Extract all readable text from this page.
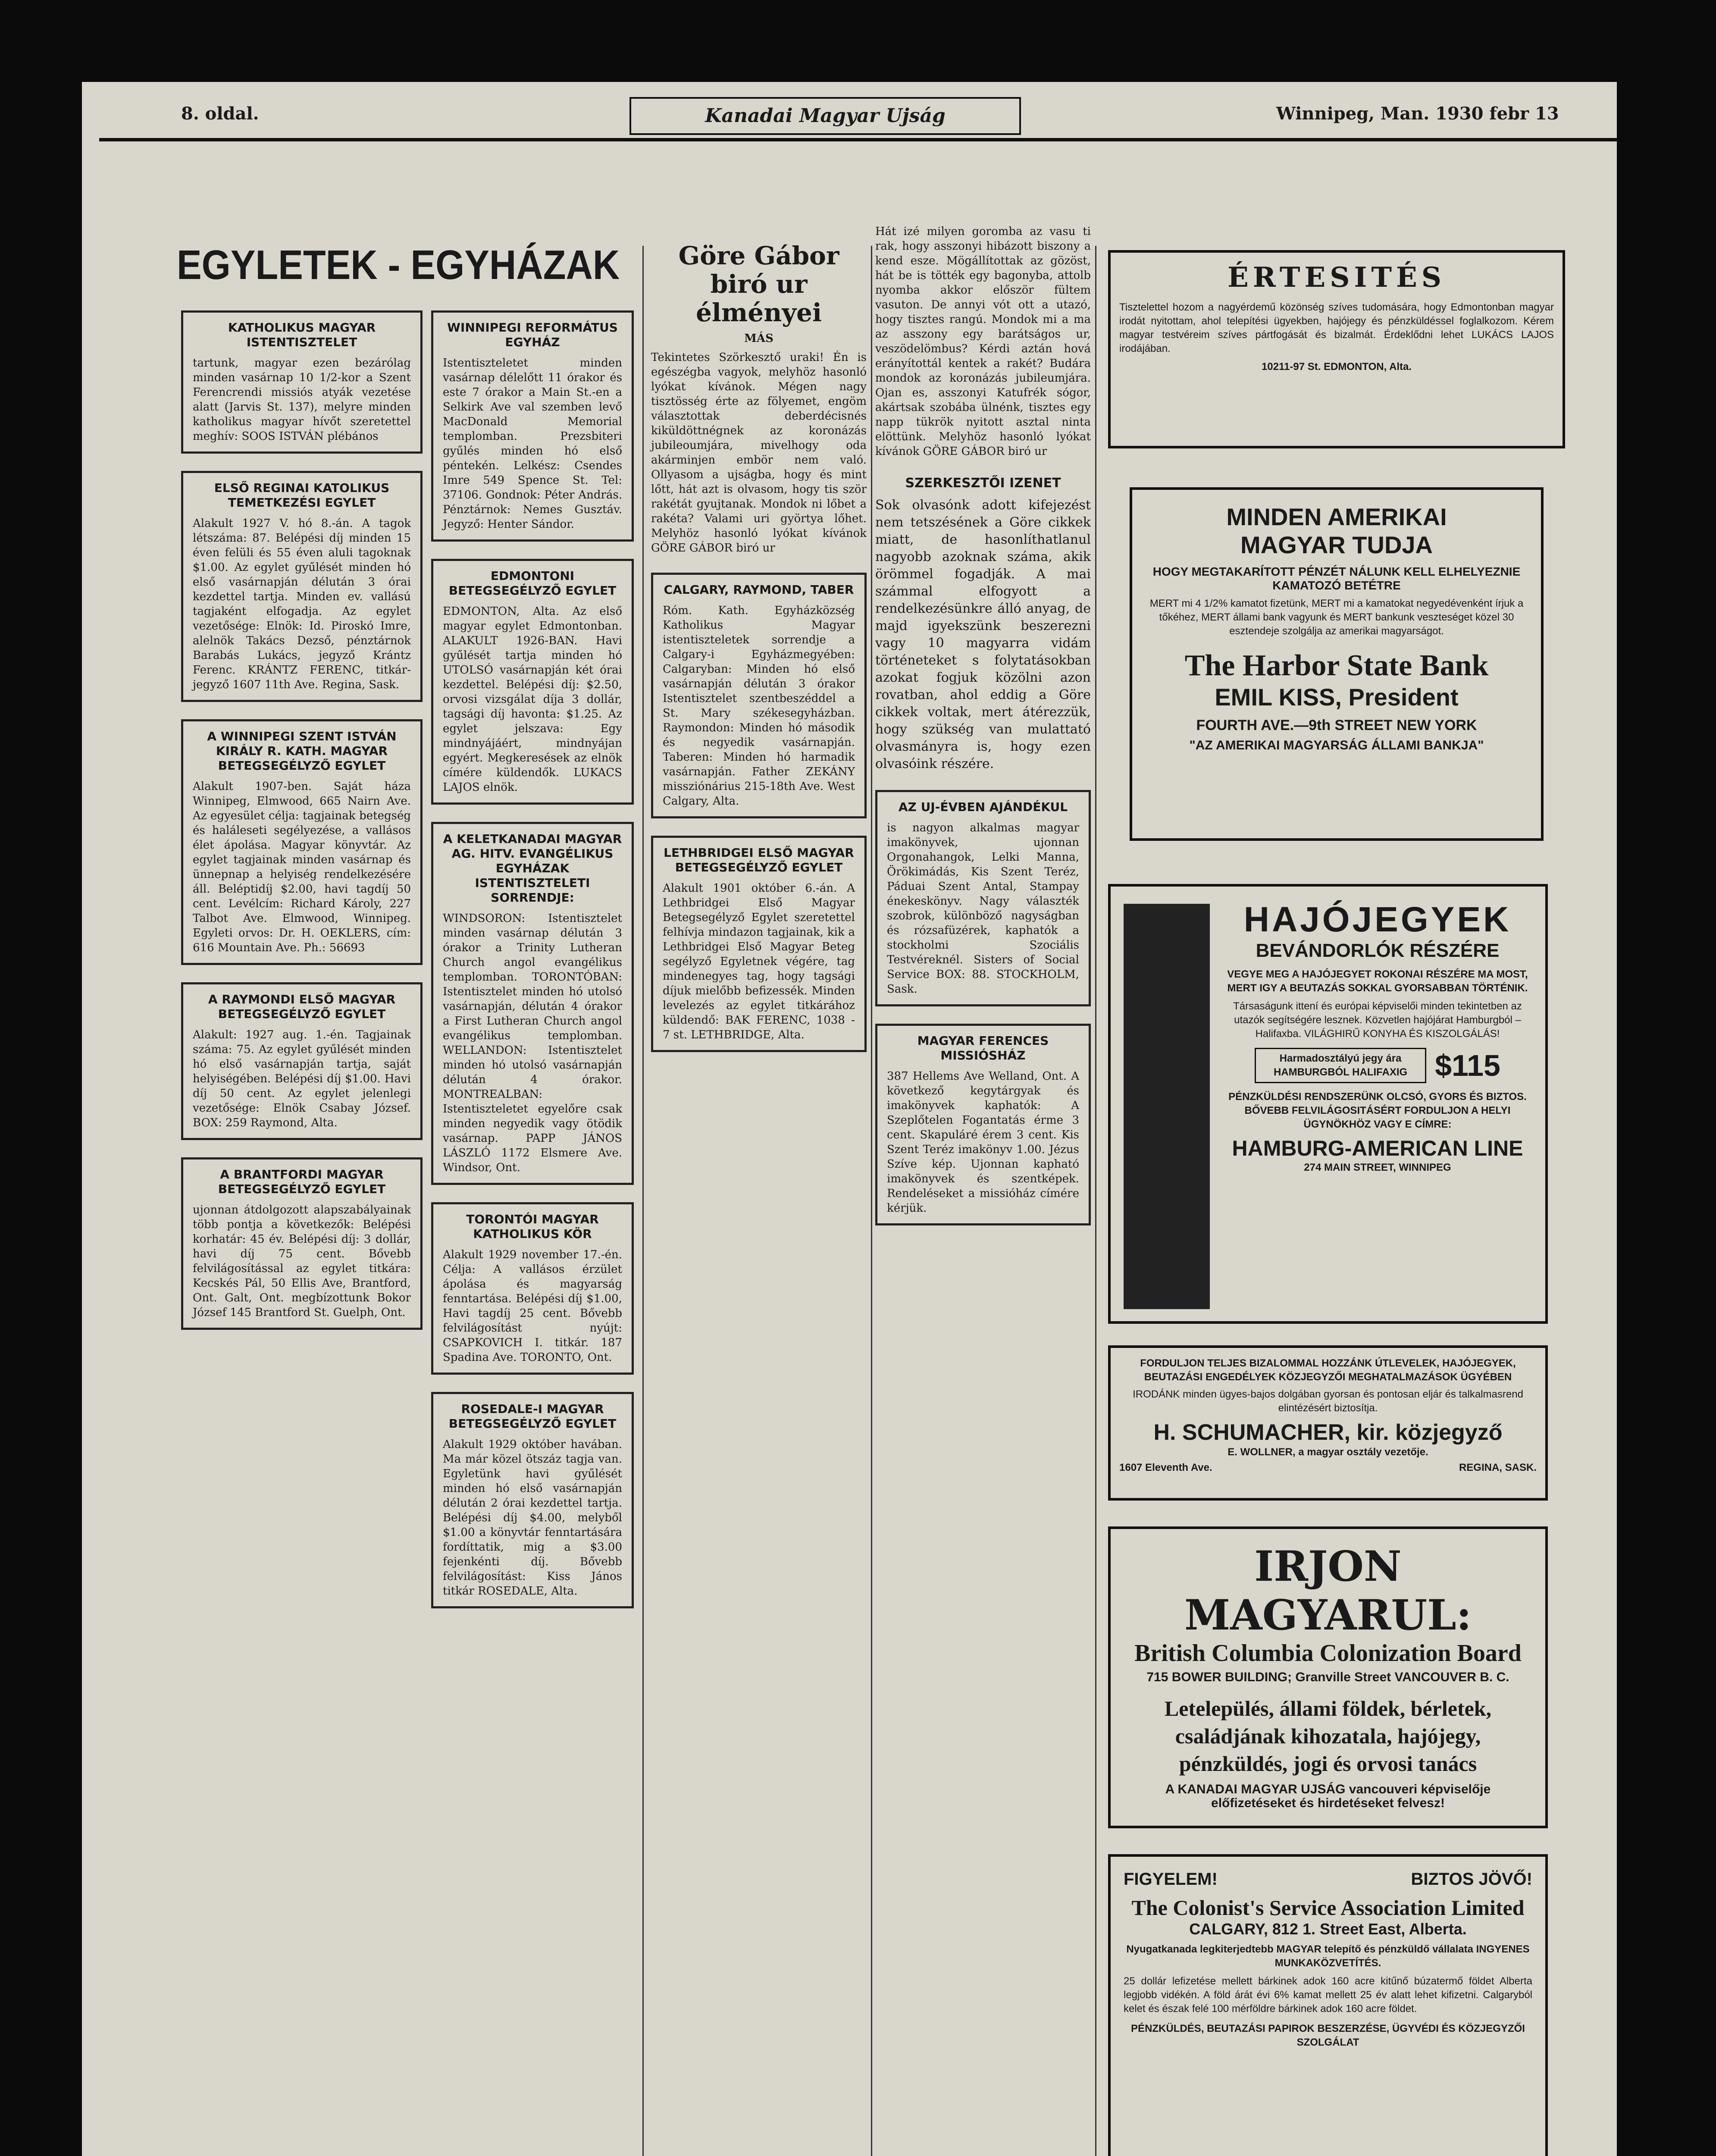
8. oldal.	Kanadai Magyar Ujság	Winnipeg, Man. 1930 febr 13
EGYLETEK - EGYHÁZAK
KATHOLIKUS MAGYAR ISTENTISZTELET

tartunk, magyar ezen bezárólag minden vasárnap 10 1/2-kor a Szent Ferencrendi missiós atyák vezetése alatt (Jarvis St. 137), melyre minden katholikus magyar hívőt szeretettel meghív: SOOS ISTVÁN plébános

ELSŐ REGINAI KATOLIKUS TEMETKEZÉSI EGYLET

Alakult 1927 V. hó 8.-án. A tagok létszáma: 87. Belépési díj minden 15 éven felüli és 55 éven aluli tagoknak $1.00. Az egylet gyűlését minden hó első vasárnapján délután 3 órai kezdettel tartja. Minden ev. vallású tagjaként elfogadja. Az egylet vezetősége: Elnök: Id. Piroskó Imre, alelnök Takács Dezső, pénztárnok Barabás Lukács, jegyző Krántz Ferenc. KRÁNTZ FERENC, titkár-jegyző 1607 11th Ave. Regina, Sask.

A WINNIPEGI SZENT ISTVÁN KIRÁLY R. KATH. MAGYAR BETEGSEGÉLYZŐ EGYLET

Alakult 1907-ben. Saját háza Winnipeg, Elmwood, 665 Nairn Ave. Az egyesület célja: tagjainak betegség és haláleseti segélyezése, a vallásos élet ápolása. Magyar könyvtár. Az egylet tagjainak minden vasárnap és ünnepnap a helyiség rendelkezésére áll. Beléptidíj $2.00, havi tagdíj 50 cent. Levélcím: Richard Károly, 227 Talbot Ave. Elmwood, Winnipeg. Egyleti orvos: Dr. H. OEKLERS, cím: 616 Mountain Ave. Ph.: 56693

A RAYMONDI ELSŐ MAGYAR BETEGSEGÉLYZŐ EGYLET

Alakult: 1927 aug. 1.-én. Tagjainak száma: 75. Az egylet gyűlését minden hó első vasárnapján tartja, saját helyiségében. Belépési díj $1.00. Havi díj 50 cent. Az egylet jelenlegi vezetősége: Elnök Csabay József. BOX: 259 Raymond, Alta.

A BRANTFORDI MAGYAR BETEGSEGÉLYZŐ EGYLET

ujonnan átdolgozott alapszabályainak több pontja a következők: Belépési korhatár: 45 év. Belépési díj: 3 dollár, havi díj 75 cent. Bővebb felvilágosítással az egylet titkára: Kecskés Pál, 50 Ellis Ave, Brantford, Ont. Galt, Ont. megbízottunk Bokor József 145 Brantford St. Guelph, Ont.

WINNIPEGI REFORMÁTUS EGYHÁZ

Istentiszteletet minden vasárnap délelőtt 11 órakor és este 7 órakor a Main St.-en a Selkirk Ave val szemben levő MacDonald Memorial templomban. Prezsbiteri gyűlés minden hó első péntekén. Lelkész: Csendes Imre 549 Spence St. Tel: 37106. Gondnok: Péter András. Pénztárnok: Nemes Gusztáv. Jegyző: Henter Sándor.

EDMONTONI BETEGSEGÉLYZŐ EGYLET

EDMONTON, Alta. Az első magyar egylet Edmontonban. ALAKULT 1926-BAN. Havi gyűlését tartja minden hó UTOLSÓ vasárnapján két órai kezdettel. Belépési díj: $2.50, orvosi vizsgálat díja 3 dollár, tagsági díj havonta: $1.25. Az egylet jelszava: Egy mindnyájáért, mindnyájan egyért. Megkeresések az elnök címére küldendők. LUKACS LAJOS elnök.

A KELETKANADAI MAGYAR AG. HITV. EVANGÉLIKUS EGYHÁZAK ISTENTISZTELETI SORRENDJE:

WINDSORON: Istentisztelet minden vasárnap délután 3 órakor a Trinity Lutheran Church angol evangélikus templomban. TORONTÓBAN: Istentisztelet minden hó utolsó vasárnapján, délután 4 órakor a First Lutheran Church angol evangélikus templomban. WELLANDON: Istentisztelet minden hó utolsó vasárnapján délután 4 órakor. MONTREALBAN: Istentiszteletet egyelőre csak minden negyedik vagy ötödik vasárnap. PAPP JÁNOS LÁSZLÓ 1172 Elsmere Ave. Windsor, Ont.

TORONTÓI MAGYAR KATHOLIKUS KÖR

Alakult 1929 november 17.-én. Célja: A vallásos érzület ápolása és magyarság fenntartása. Belépési díj $1.00, Havi tagdíj 25 cent. Bővebb felvilágosítást nyújt: CSAPKOVICH I. titkár. 187 Spadina Ave. TORONTO, Ont.

ROSEDALE-I MAGYAR BETEGSEGÉLYZŐ EGYLET

Alakult 1929 október havában. Ma már közel ötszáz tagja van. Egyletünk havi gyűlését minden hó első vasárnapján délután 2 órai kezdettel tartja. Belépési díj $4.00, melyből $1.00 a könyvtár fenntartására fordíttatik, mig a $3.00 fejenkénti díj. Bővebb felvilágosítást: Kiss János titkár ROSEDALE, Alta.

Göre Gábor biró ur élményei
MÁS

Tekintetes Szörkesztő uraki! Én is egészégba vagyok, melyhöz hasonló lyókat kívánok. Mégen nagy tisztösség érte az fölyemet, engöm választottak deberdécisnés kiküldöttnégnek az koronázás jubileoumjára, mivelhogy oda akárminjen embör nem való. Ollyasom a ujságba, hogy és mint lőtt, hát azt is olvasom, hogy tis ször rakétát gyujtanak. Mondok ni lőbet a rakéta? Valami uri györtya lőhet. Melyhöz hasonló lyókat kívánok GÖRE GÁBOR biró ur

CALGARY, RAYMOND, TABER

Róm. Kath. Egyházközség Katholikus Magyar istentiszteletek sorrendje a Calgary-i Egyházmegyében: Calgaryban: Minden hó első vasárnapján délután 3 órakor Istentisztelet szentbeszéddel a St. Mary székesegyházban. Raymondon: Minden hó második és negyedik vasárnapján. Taberen: Minden hó harmadik vasárnapján. Father ZEKÁNY missziónárius 215-18th Ave. West Calgary, Alta.

LETHBRIDGEI ELSŐ MAGYAR BETEGSEGÉLYZŐ EGYLET

Alakult 1901 október 6.-án. A Lethbridgei Első Magyar Betegsegélyző Egylet szeretettel felhívja mindazon tagjainak, kik a Lethbridgei Első Magyar Beteg segélyző Egyletnek végére, tag mindenegyes tag, hogy tagsági díjuk mielőbb befizessék. Minden levelezés az egylet titkárához küldendő: BAK FERENC, 1038 - 7 st. LETHBRIDGE, Alta.

Hát izé milyen goromba az vasu ti rak, hogy asszonyi hibázott biszony a kend esze. Mögállítottak az gözöst, hát be is tötték egy bagonyba, attolb nyomba akkor először fültem vasuton. De annyi vót ott a utazó, hogy tisztes rangú. Mondok mi a ma az asszony egy barátságos ur, veszödelömbus? Kérdi aztán hová erányítottál kentek a rakét? Budára mondok az koronázás jubileumjára. Ojan es, asszonyi Katufrék sógor, akártsak szobába ülnénk, tisztes egy napp tükrök nyitott asztal ninta elöttünk. Melyhöz hasonló lyókat kívánok GÖRE GÁBOR biró ur

SZERKESZTŐI IZENET

Sok olvasónk adott kifejezést nem tetszésének a Göre cikkek miatt, de hasonlíthatlanul nagyobb azoknak száma, akik örömmel fogadják. A mai számmal elfogyott a rendelkezésünkre álló anyag, de majd igyekszünk beszerezni vagy 10 magyarra vidám történeteket s folytatásokban azokat fogjuk közölni azon rovatban, ahol eddig a Göre cikkek voltak, mert átérezzük, hogy szükség van mulattató olvasmányra is, hogy ezen olvasóink részére.

AZ UJ-ÉVBEN AJÁNDÉKUL

is nagyon alkalmas magyar imakönyvek, ujonnan Orgonahangok, Lelki Manna, Örökimádás, Kis Szent Teréz, Páduai Szent Antal, Stampay énekeskönyv. Nagy választék szobrok, különböző nagyságban és rózsafüzérek, kaphatók a stockholmi Szociális Testvéreknél. Sisters of Social Service BOX: 88. STOCKHOLM, Sask.

MAGYAR FERENCES MISSIÓSHÁZ

387 Hellems Ave Welland, Ont. A következő kegytárgyak és imakönyvek kaphatók: A Szeplőtelen Fogantatás érme 3 cent. Skapuláré érem 3 cent. Kis Szent Teréz imakönyv 1.00. Jézus Szíve kép. Ujonnan kapható imakönyvek és szentképek. Rendeléseket a missióház címére kérjük.

ÉRTESITÉS
Tisztelettel hozom a nagyérdemű közönség szíves tudomására, hogy Edmontonban magyar irodát nyitottam, ahol telepítési ügyekben, hajójegy és pénzküldéssel foglalkozom. Kérem magyar testvéreim szíves pártfogását és bizalmát. Érdeklődni lehet LUKÁCS LAJOS irodájában.
10211-97 St. EDMONTON, Alta.
MINDEN AMERIKAI
MAGYAR TUDJA
HOGY MEGTAKARÍTOTT PÉNZÉT NÁLUNK KELL ELHELYEZNIE KAMATOZÓ BETÉTRE
MERT mi 4 1/2% kamatot fizetünk, MERT mi a kamatokat negyedévenként írjuk a tőkéhez, MERT állami bank vagyunk és MERT bankunk veszteséget közel 30 esztendeje szolgálja az amerikai magyarságot.
The Harbor State Bank
EMIL KISS, President
FOURTH AVE.—9th STREET NEW YORK
"AZ AMERIKAI MAGYARSÁG ÁLLAMI BANKJA"
HAJÓJEGYEK
BEVÁNDORLÓK RÉSZÉRE
VEGYE MEG A HAJÓJEGYET ROKONAI RÉSZÉRE MA MOST, MERT IGY A BEUTAZÁS SOKKAL GYORSABBAN TÖRTÉNIK.
Társaságunk ittení és európai képviselői minden tekintetben az utazók segítségére lesznek. Közvetlen hajójárat Hamburgból – Halifaxba. VILÁGHIRŰ KONYHA ÉS KISZOLGÁLÁS!
Harmadosztályú jegy ára HAMBURGBÓL HALIFAXIG $115
PÉNZKÜLDÉSI RENDSZERÜNK OLCSÓ, GYORS ÉS BIZTOS. BŐVEBB FELVILÁGOSITÁSÉRT FORDULJON A HELYI ÜGYNÖKHÖZ VAGY E CÍMRE:
HAMBURG-AMERICAN LINE
274 MAIN STREET, WINNIPEG
FORDULJON TELJES BIZALOMMAL HOZZÁNK ÚTLEVELEK, HAJÓJEGYEK, BEUTAZÁSI ENGEDÉLYEK KÖZJEGYZŐI MEGHATALMAZÁSOK ÜGYÉBEN
IRODÁNK minden ügyes-bajos dolgában gyorsan és pontosan eljár és talkalmasrend elintézésért biztosítja.
H. SCHUMACHER, kir. közjegyző
E. WOLLNER, a magyar osztály vezetője.
1607 Eleventh Ave.	REGINA, SASK.
IRJON MAGYARUL:
British Columbia Colonization Board
715 BOWER BUILDING; Granville Street VANCOUVER B. C.
Letelepülés, állami földek, bérletek, családjának kihozatala, hajójegy, pénzküldés, jogi és orvosi tanács
A KANADAI MAGYAR UJSÁG vancouveri képviselője előfizetéseket és hirdetéseket felvesz!
FIGYELEM!	BIZTOS JÖVŐ!
The Colonist's Service Association Limited
CALGARY, 812 1. Street East, Alberta.
Nyugatkanada legkiterjedtebb MAGYAR telepítő és pénzküldő vállalata INGYENES MUNKAKÖZVETÍTÉS.
25 dollár lefizetése mellett bárkinek adok 160 acre kitűnő búzatermő földet Alberta legjobb vidékén. A föld árát évi 6% kamat mellett 25 év alatt lehet kifizetni. Calgaryból kelet és észak felé 100 mérföldre bárkinek adok 160 acre földet.
PÉNZKÜLDÉS, BEUTAZÁSI PAPIROK BESZERZÉSE, ÜGYVÉDI ÉS KÖZJEGYZŐI SZOLGÁLAT
